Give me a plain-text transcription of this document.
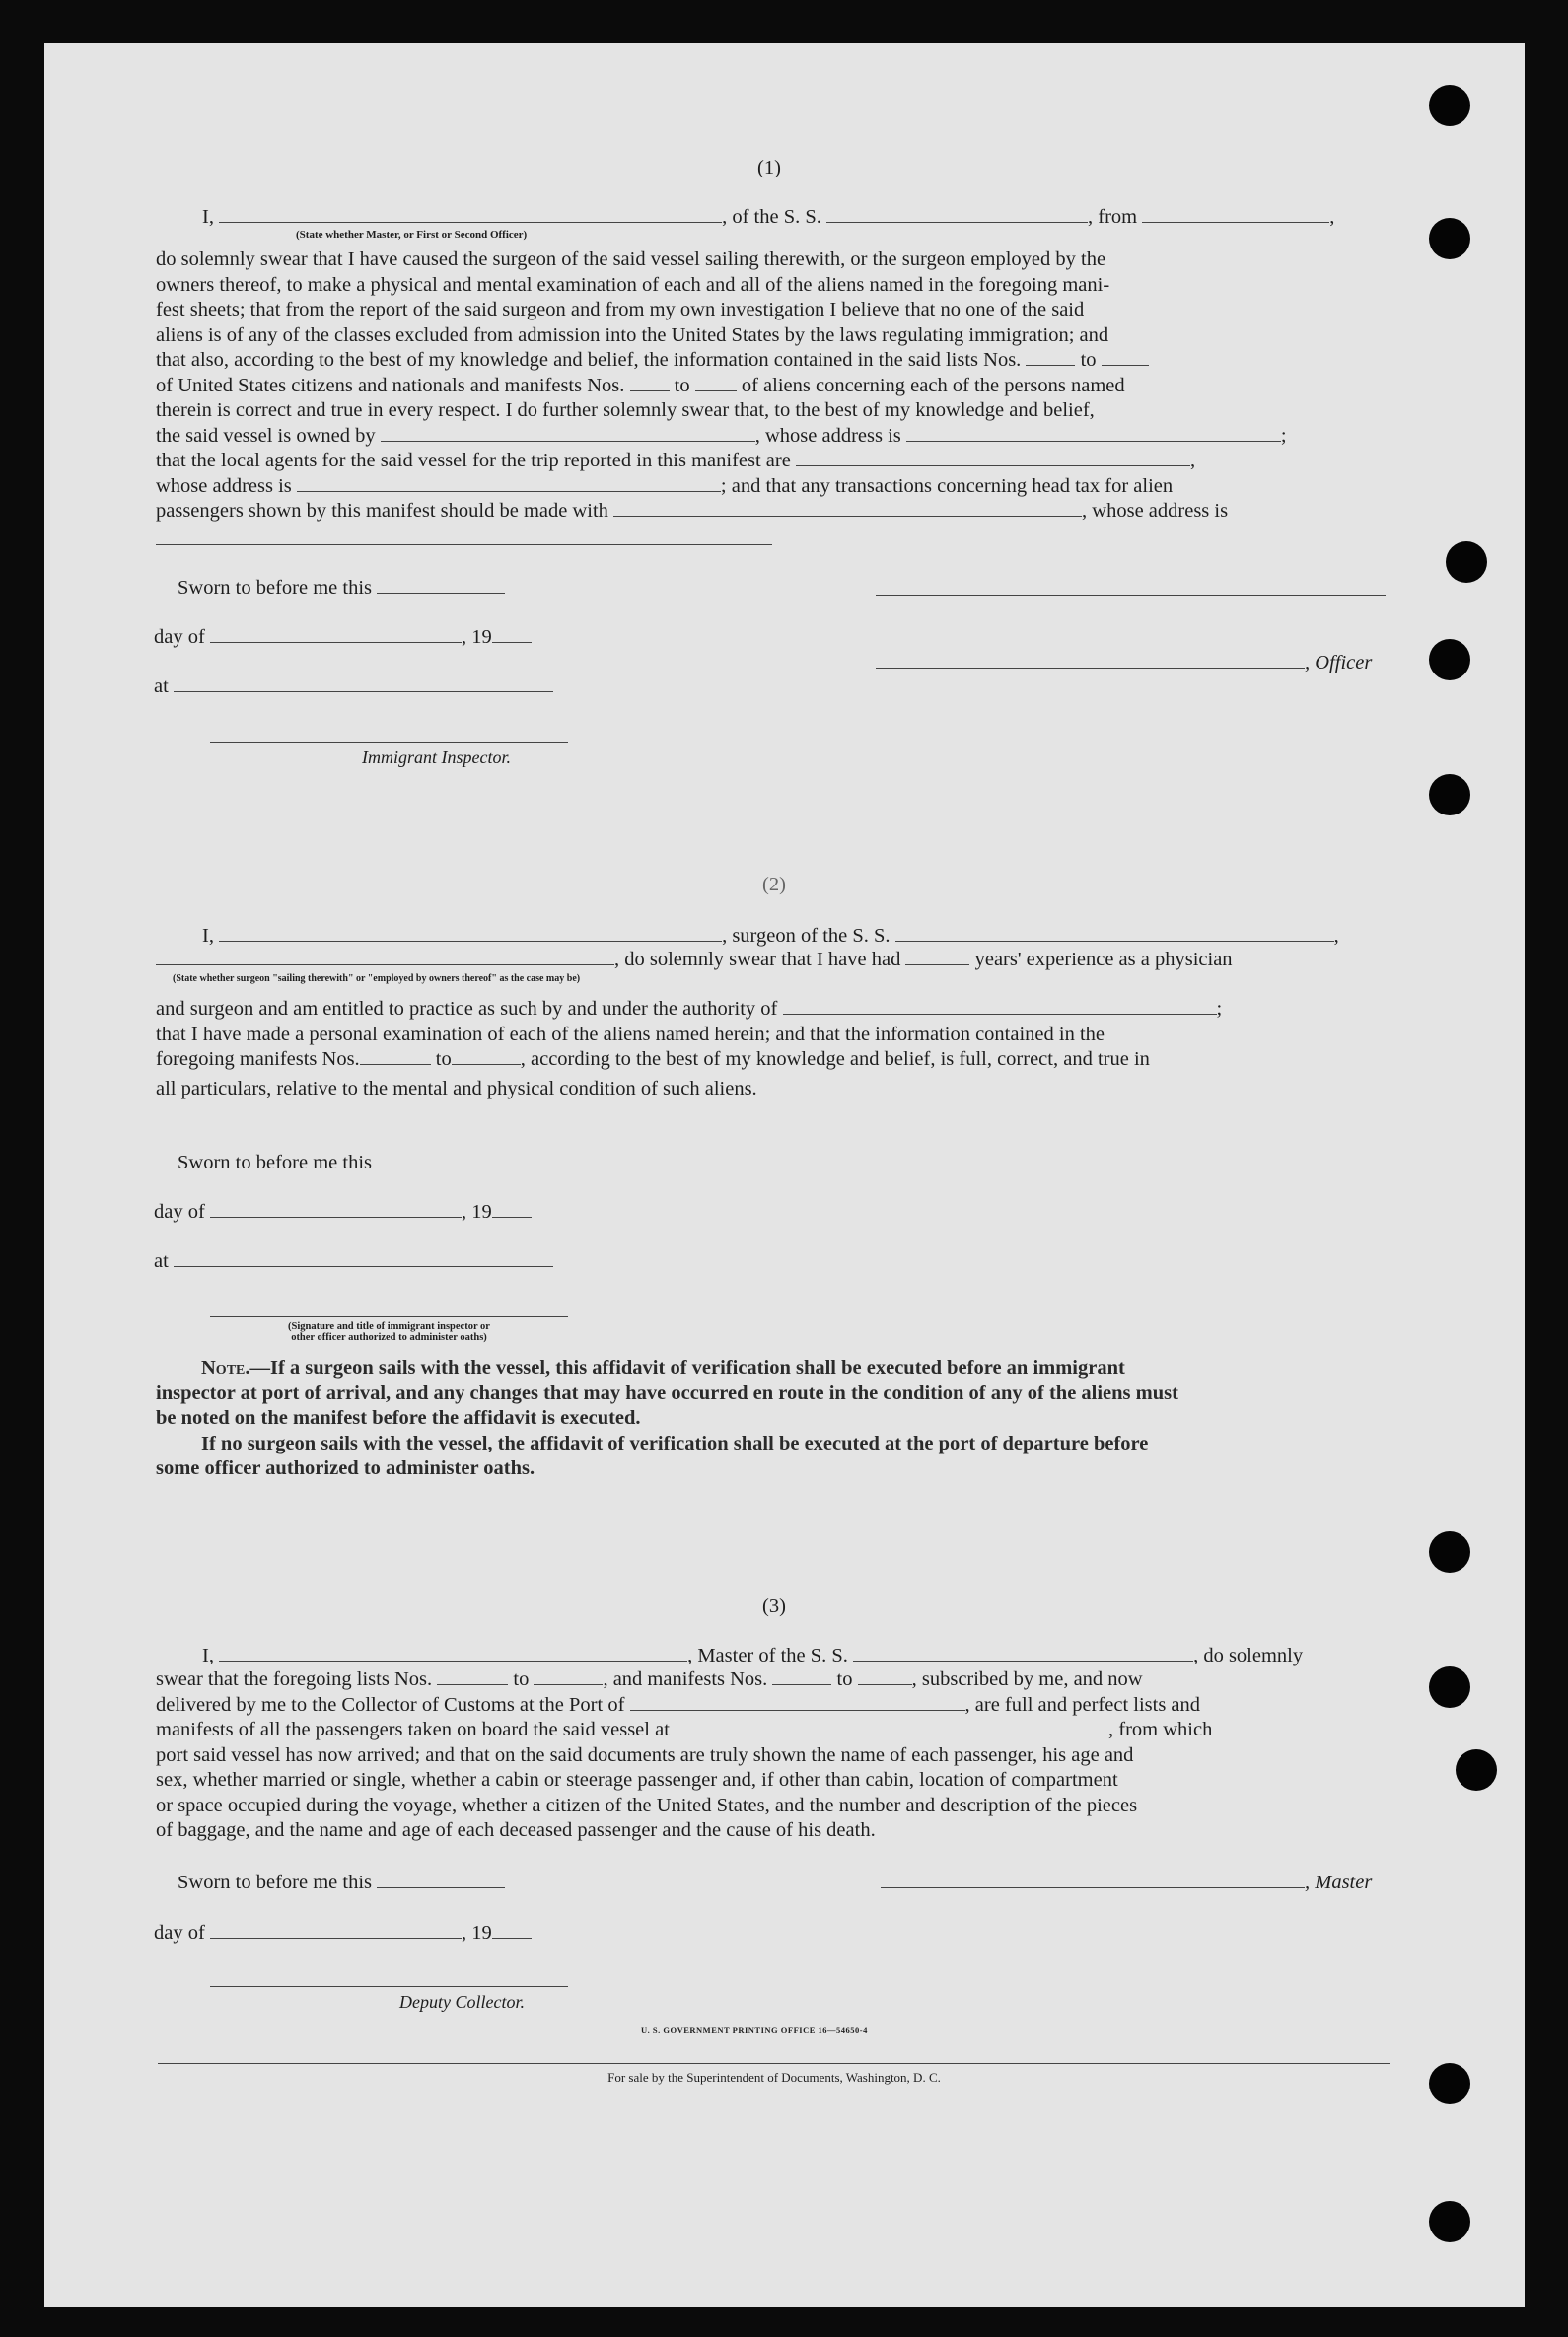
(1)
I,	, of the S. S.	, from	,
(State whether Master, or First or Second Officer)
do solemnly swear that I have caused the surgeon of the said vessel sailing therewith, or the surgeon employed by the
owners thereof, to make a physical and mental examination of each and all of the aliens named in the foregoing mani-
fest sheets; that from the report of the said surgeon and from my own investigation I believe that no one of the said
aliens is of any of the classes excluded from admission into the United States by the laws regulating immigration; and
that also, according to the best of my knowledge and belief, the information contained in the said lists Nos.	to
of United States citizens and nationals and manifests Nos. to	of aliens concerning each of the persons named
therein is correct and true in every respect. I do further solemnly swear that, to the best of my knowledge and belief,
the said vessel is owned by	, whose address is	;
that the local agents for the said vessel for the trip reported in this manifest are	,
whose address is	; and that any transactions concerning head tax for alien
passengers shown by this manifest should be made with	, whose address is
Sworn to before me this
day of	, 19
, Officer
at
Immigrant Inspector.
(2)
I,	, surgeon of the S. S.	,
, do solemnly swear that I have had	years' experience as a physician
(State whether surgeon "sailing therewith" or "employed by owners thereof" as the case may be)
and surgeon and am entitled to practice as such by and under the authority of	;
that I have made a personal examination of each of the aliens named herein; and that the information contained in the
foregoing manifests Nos.	to	, according to the best of my knowledge and belief, is full, correct, and true in
all particulars, relative to the mental and physical condition of such aliens.
Sworn to before me this
day of	, 19
at
(Signature and title of immigrant inspector or
other officer authorized to administer oaths)
Note.—If a surgeon sails with the vessel, this affidavit of verification shall be executed before an immigrant
inspector at port of arrival, and any changes that may have occurred en route in the condition of any of the aliens must
be noted on the manifest before the affidavit is executed.
If no surgeon sails with the vessel, the affidavit of verification shall be executed at the port of departure before
some officer authorized to administer oaths.
(3)
I,	, Master of the S. S.	, do solemnly
swear that the foregoing lists Nos.	to	, and manifests Nos.	to	, subscribed by me, and now
delivered by me to the Collector of Customs at the Port of	, are full and perfect lists and
manifests of all the passengers taken on board the said vessel at	, from which
port said vessel has now arrived; and that on the said documents are truly shown the name of each passenger, his age and
sex, whether married or single, whether a cabin or steerage passenger and, if other than cabin, location of compartment
or space occupied during the voyage, whether a citizen of the United States, and the number and description of the pieces
of baggage, and the name and age of each deceased passenger and the cause of his death.
Sworn to before me this	, Master
day of	, 19
Deputy Collector.
U. S. GOVERNMENT PRINTING OFFICE 16—54650-4
For sale by the Superintendent of Documents, Washington, D. C.
